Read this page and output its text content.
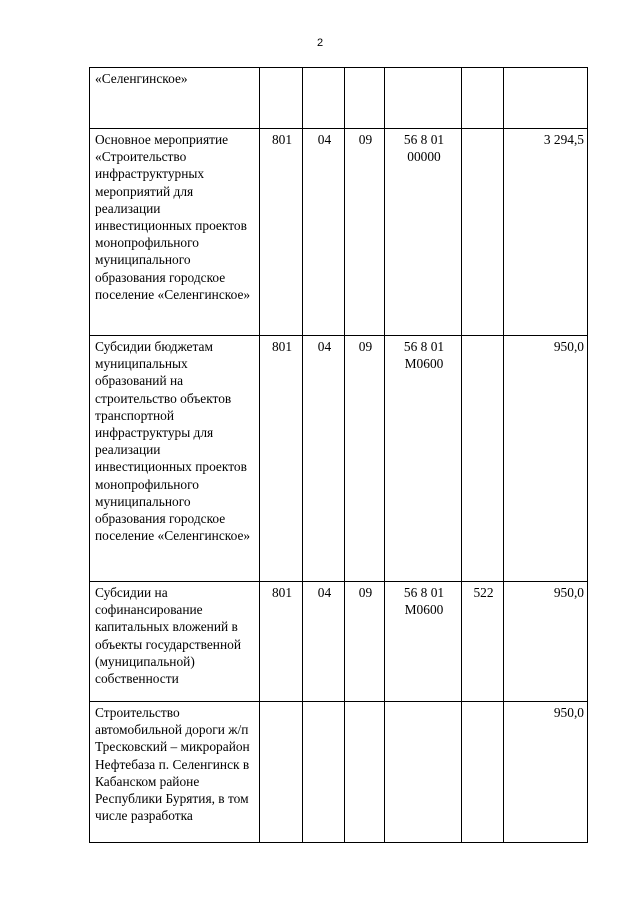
2
«Селенгинское»						

Основное мероприятие «Строительство инфраструктурных мероприятий для реализации инвестиционных проектов монопрофильного муниципального образования городское поселение «Селенгинское»	801	04	09	56 8 01 00000		3 294,5

Субсидии бюджетам муниципальных образований на строительство объектов транспортной инфраструктуры для реализации инвестиционных проектов монопрофильного муниципального образования городское поселение «Селенгинское»	801	04	09	56 8 01 М0600		950,0

Субсидии на софинансирование капитальных вложений в объекты государственной (муниципальной) собственности	801	04	09	56 8 01 М0600	522	950,0

Строительство автомобильной дороги ж/п Тресковский – микрорайон Нефтебаза п. Селенгинск в Кабанском районе Республики Бурятия, в том числе разработка						950,0
